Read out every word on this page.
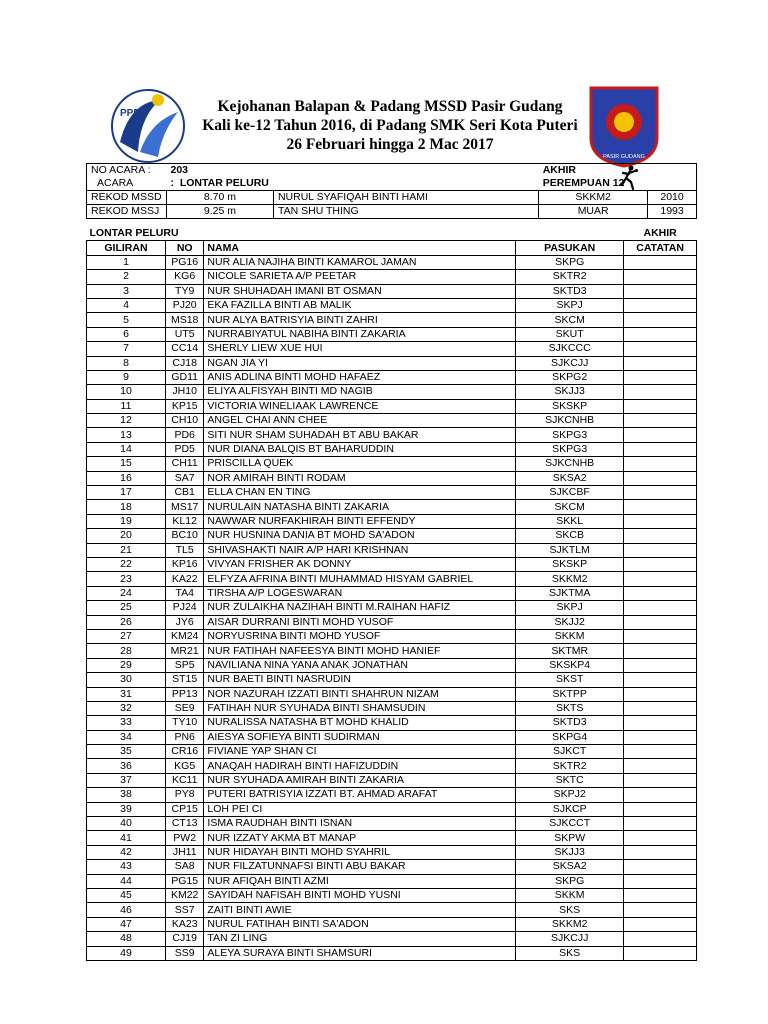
PPD
PASIR GUDANG
Kejohanan Balapan & Padang MSSD Pasir Gudang
Kali ke-12 Tahun 2016, di Padang SMK Seri Kota Puteri
26 Februari hingga 2 Mac 2017
NO ACARA :	203		AKHIR	
ACARA	: LONTAR PELURU		PEREMPUAN 12	
REKOD MSSD	8.70 m	NURUL SYAFIQAH BINTI HAMI	SKKM2	2010
REKOD MSSJ	9.25 m	TAN SHU THING	MUAR	1993
LONTAR PELURU				AKHIR
GILIRAN	NO	NAMA	PASUKAN	CATATAN
1	PG16	NUR ALIA NAJIHA BINTI KAMAROL JAMAN	SKPG	
2	KG6	NICOLE SARIETA A/P PEETAR	SKTR2	
3	TY9	NUR SHUHADAH IMANI BT OSMAN	SKTD3	
4	PJ20	EKA FAZILLA BINTI AB MALIK	SKPJ	
5	MS18	NUR ALYA BATRISYIA BINTI ZAHRI	SKCM	
6	UT5	NURRABIYATUL NABIHA BINTI ZAKARIA	SKUT	
7	CC14	SHERLY LIEW XUE HUI	SJKCCC	
8	CJ18	NGAN JIA YI	SJKCJJ	
9	GD11	ANIS ADLINA BINTI MOHD HAFAEZ	SKPG2	
10	JH10	ELIYA ALFISYAH BINTI MD NAGIB	SKJJ3	
11	KP15	VICTORIA WINELIAAK LAWRENCE	SKSKP	
12	CH10	ANGEL CHAI ANN CHEE	SJKCNHB	
13	PD6	SITI NUR SHAM SUHADAH BT ABU BAKAR	SKPG3	
14	PD5	NUR DIANA BALQIS BT BAHARUDDIN	SKPG3	
15	CH11	PRISCILLA QUEK	SJKCNHB	
16	SA7	NOR AMIRAH BINTI RODAM	SKSA2	
17	CB1	ELLA CHAN EN TING	SJKCBF	
18	MS17	NURULAIN NATASHA BINTI ZAKARIA	SKCM	
19	KL12	NAWWAR NURFAKHIRAH BINTI EFFENDY	SKKL	
20	BC10	NUR HUSNINA DANIA BT MOHD SA'ADON	SKCB	
21	TL5	SHIVASHAKTI NAIR A/P HARI KRISHNAN	SJKTLM	
22	KP16	VIVYAN FRISHER AK DONNY	SKSKP	
23	KA22	ELFYZA AFRINA BINTI MUHAMMAD HISYAM GABRIEL	SKKM2	
24	TA4	TIRSHA A/P LOGESWARAN	SJKTMA	
25	PJ24	NUR ZULAIKHA NAZIHAH BINTI M.RAIHAN HAFIZ	SKPJ	
26	JY6	AISAR DURRANI BINTI MOHD YUSOF	SKJJ2	
27	KM24	NORYUSRINA BINTI MOHD YUSOF	SKKM	
28	MR21	NUR FATIHAH NAFEESYA BINTI MOHD HANIEF	SKTMR	
29	SP5	NAVILIANA NINA YANA ANAK JONATHAN	SKSKP4	
30	ST15	NUR BAETI BINTI NASRUDIN	SKST	
31	PP13	NOR NAZURAH IZZATI BINTI SHAHRUN NIZAM	SKTPP	
32	SE9	FATIHAH NUR SYUHADA BINTI SHAMSUDIN	SKTS	
33	TY10	NURALISSA NATASHA BT MOHD KHALID	SKTD3	
34	PN6	AIESYA SOFIEYA BINTI SUDIRMAN	SKPG4	
35	CR16	FIVIANE YAP SHAN CI	SJKCT	
36	KG5	ANAQAH HADIRAH BINTI HAFIZUDDIN	SKTR2	
37	KC11	NUR SYUHADA AMIRAH BINTI ZAKARIA	SKTC	
38	PY8	PUTERI BATRISYIA IZZATI BT. AHMAD ARAFAT	SKPJ2	
39	CP15	LOH PEI CI	SJKCP	
40	CT13	ISMA RAUDHAH BINTI ISNAN	SJKCCT	
41	PW2	NUR IZZATY AKMA BT MANAP	SKPW	
42	JH11	NUR HIDAYAH BINTI MOHD SYAHRIL	SKJJ3	
43	SA8	NUR FILZATUNNAFSI BINTI ABU BAKAR	SKSA2	
44	PG15	NUR AFIQAH BINTI AZMI	SKPG	
45	KM22	SAYIDAH NAFISAH BINTI MOHD YUSNI	SKKM	
46	SS7	ZAITI BINTI AWIE	SKS	
47	KA23	NURUL FATIHAH BINTI SA'ADON	SKKM2	
48	CJ19	TAN ZI LING	SJKCJJ	
49	SS9	ALEYA SURAYA BINTI SHAMSURI	SKS	
